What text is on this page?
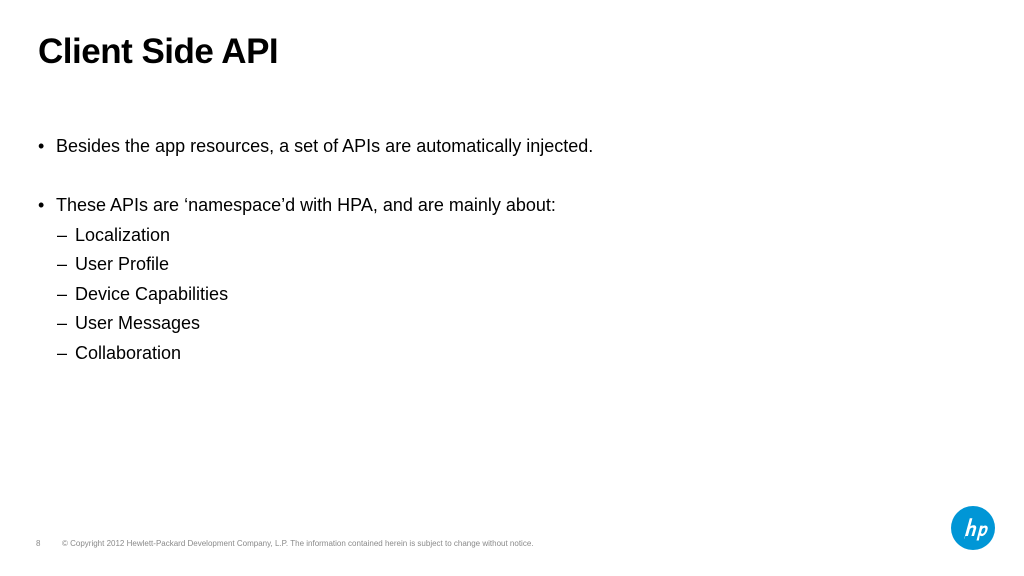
Client Side API
• Besides the app resources, a set of APIs are automatically injected.
• These APIs are ‘namespace’d with HPA, and are mainly about:
– Localization
– User Profile
– Device Capabilities
– User Messages
– Collaboration
8	© Copyright 2012 Hewlett-Packard Development Company, L.P. The information contained herein is subject to change without notice.
